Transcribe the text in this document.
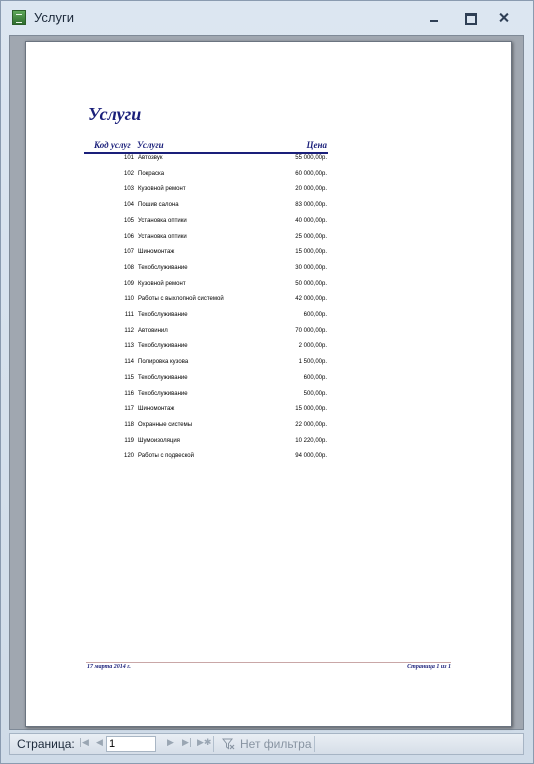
Услуги
Услуги
Код услуг Услуги	Цена
101 Автозвук	55 000,00р.
102 Покраска	60 000,00р.
103 Кузовной ремонт	20 000,00р.
104 Пошив салона	83 000,00р.
105 Установка оптики	40 000,00р.
106 Установка оптики	25 000,00р.
107 Шиномонтаж	15 000,00р.
108 Техобслуживание	30 000,00р.
109 Кузовной ремонт	50 000,00р.
110 Работы с выхлопной системой	42 000,00р.
111 Техобслуживание	600,00р.
112 Автовинил	70 000,00р.
113 Техобслуживание	2 000,00р.
114 Полировка кузова	1 500,00р.
115 Техобслуживание	600,00р.
116 Техобслуживание	500,00р.
117 Шиномонтаж	15 000,00р.
118 Охранные системы	22 000,00р.
119 Шумоизоляция	10 220,00р.
120 Работы с подвеской	94 000,00р.
17 марта 2014 г.	Страница 1 из 1
Страница: |◀ ◀
1	▶ ▶| ▶✱ Нет фильтра
